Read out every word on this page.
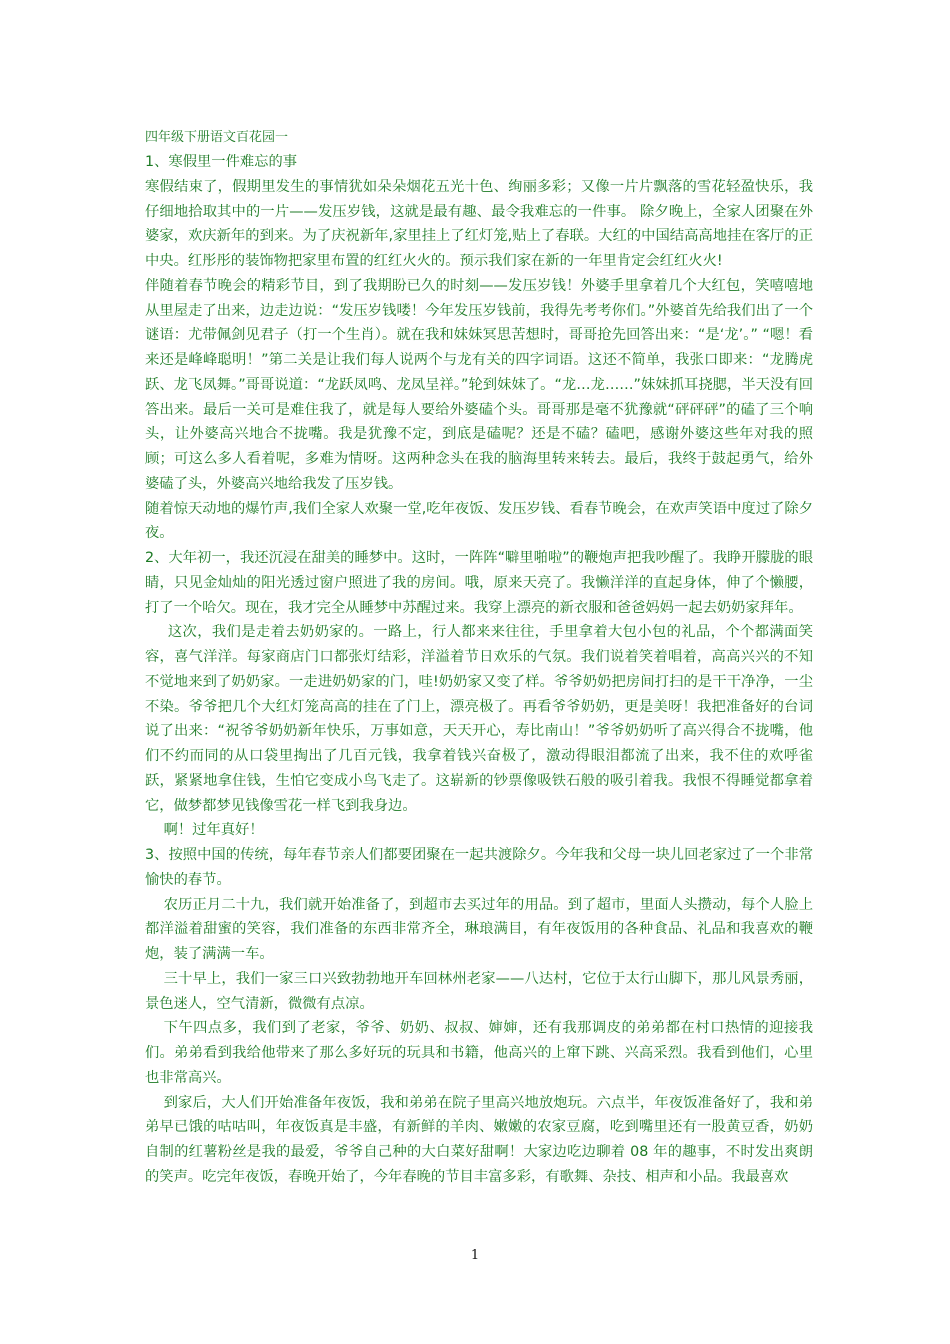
四年级下册语文百花园一

1、寒假里一件难忘的事

寒假结束了，假期里发生的事情犹如朵朵烟花五光十色、绚丽多彩；又像一片片飘落的雪花轻盈快乐，我仔细地拾取其中的一片——发压岁钱，这就是最有趣、最令我难忘的一件事。 除夕晚上，全家人团聚在外婆家，欢庆新年的到来。为了庆祝新年,家里挂上了红灯笼,贴上了春联。大红的中国结高高地挂在客厅的正中央。红彤彤的装饰物把家里布置的红红火火的。预示我们家在新的一年里肯定会红红火火!

伴随着春节晚会的精彩节目，到了我期盼已久的时刻——发压岁钱！外婆手里拿着几个大红包，笑嘻嘻地从里屋走了出来，边走边说：“发压岁钱喽！今年发压岁钱前，我得先考考你们。”外婆首先给我们出了一个谜语：尤带佩剑见君子（打一个生肖）。就在我和妹妹冥思苦想时，哥哥抢先回答出来：“是‘龙’。” “嗯！看来还是峰峰聪明！”第二关是让我们每人说两个与龙有关的四字词语。这还不简单，我张口即来：“龙腾虎跃、龙飞凤舞。”哥哥说道：“龙跃凤鸣、龙凤呈祥。”轮到妹妹了。“龙…龙……”妹妹抓耳挠腮，半天没有回答出来。最后一关可是难住我了，就是每人要给外婆磕个头。哥哥那是毫不犹豫就“砰砰砰”的磕了三个响头，让外婆高兴地合不拢嘴。我是犹豫不定，到底是磕呢？还是不磕？磕吧，感谢外婆这些年对我的照顾；可这么多人看着呢，多难为情呀。这两种念头在我的脑海里转来转去。最后，我终于鼓起勇气，给外婆磕了头，外婆高兴地给我发了压岁钱。

随着惊天动地的爆竹声,我们全家人欢聚一堂,吃年夜饭、发压岁钱、看春节晚会，在欢声笑语中度过了除夕夜。

2、大年初一，我还沉浸在甜美的睡梦中。这时，一阵阵“噼里啪啦”的鞭炮声把我吵醒了。我睁开朦胧的眼睛，只见金灿灿的阳光透过窗户照进了我的房间。哦，原来天亮了。我懒洋洋的直起身体，伸了个懒腰，打了一个哈欠。现在，我才完全从睡梦中苏醒过来。我穿上漂亮的新衣服和爸爸妈妈一起去奶奶家拜年。

这次，我们是走着去奶奶家的。一路上，行人都来来往往，手里拿着大包小包的礼品，个个都满面笑容，喜气洋洋。每家商店门口都张灯结彩，洋溢着节日欢乐的气氛。我们说着笑着唱着，高高兴兴的不知不觉地来到了奶奶家。一走进奶奶家的门，哇!奶奶家又变了样。爷爷奶奶把房间打扫的是干干净净，一尘不染。爷爷把几个大红灯笼高高的挂在了门上，漂亮极了。再看爷爷奶奶，更是美呀！我把准备好的台词说了出来：“祝爷爷奶奶新年快乐，万事如意，天天开心，寿比南山！”爷爷奶奶听了高兴得合不拢嘴，他们不约而同的从口袋里掏出了几百元钱，我拿着钱兴奋极了，激动得眼泪都流了出来，我不住的欢呼雀跃，紧紧地拿住钱，生怕它变成小鸟飞走了。这崭新的钞票像吸铁石般的吸引着我。我恨不得睡觉都拿着它，做梦都梦见钱像雪花一样飞到我身边。

啊！过年真好！

3、按照中国的传统，每年春节亲人们都要团聚在一起共渡除夕。今年我和父母一块儿回老家过了一个非常愉快的春节。

农历正月二十九，我们就开始准备了，到超市去买过年的用品。到了超市，里面人头攒动，每个人脸上都洋溢着甜蜜的笑容，我们准备的东西非常齐全，琳琅满目，有年夜饭用的各种食品、礼品和我喜欢的鞭炮，装了满满一车。

三十早上，我们一家三口兴致勃勃地开车回林州老家——八达村，它位于太行山脚下，那儿风景秀丽，景色迷人，空气清新，微微有点凉。

下午四点多，我们到了老家，爷爷、奶奶、叔叔、婶婶，还有我那调皮的弟弟都在村口热情的迎接我们。弟弟看到我给他带来了那么多好玩的玩具和书籍，他高兴的上窜下跳、兴高采烈。我看到他们，心里也非常高兴。

到家后，大人们开始准备年夜饭，我和弟弟在院子里高兴地放炮玩。六点半，年夜饭准备好了，我和弟弟早已饿的咕咕叫，年夜饭真是丰盛，有新鲜的羊肉、嫩嫩的农家豆腐，吃到嘴里还有一股黄豆香，奶奶自制的红薯粉丝是我的最爱，爷爷自己种的大白菜好甜啊！大家边吃边聊着 08 年的趣事，不时发出爽朗的笑声。吃完年夜饭，春晚开始了，今年春晚的节目丰富多彩，有歌舞、杂技、相声和小品。我最喜欢

1
